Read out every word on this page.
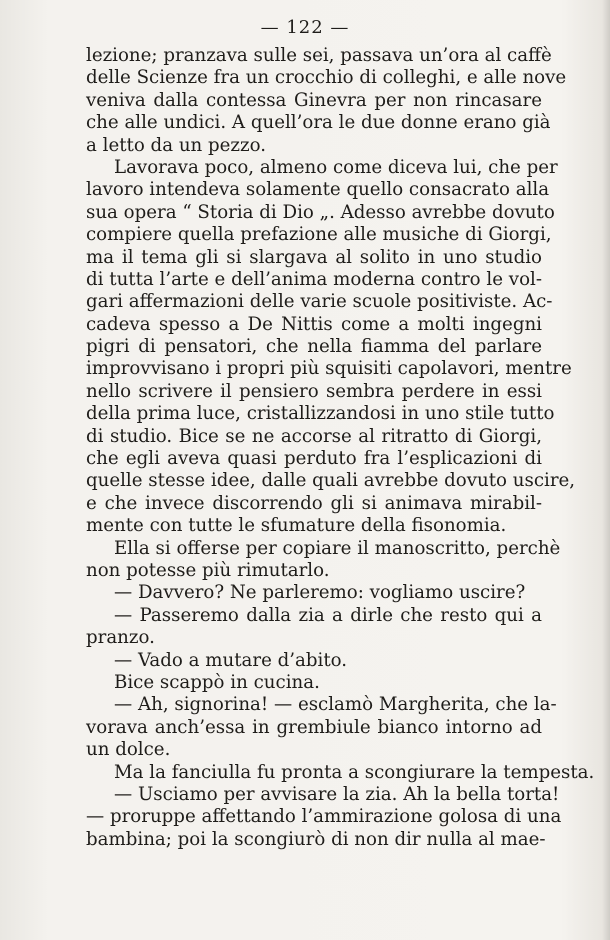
— 122 —
lezione; pranzava sulle sei, passava un’ora al caffè
delle Scienze fra un crocchio di colleghi, e alle nove
veniva dalla contessa Ginevra per non rincasare
che alle undici. A quell’ora le due donne erano già
a letto da un pezzo.
Lavorava poco, almeno come diceva lui, che per
lavoro intendeva solamente quello consacrato alla
sua opera “ Storia di Dio „. Adesso avrebbe dovuto
compiere quella prefazione alle musiche di Giorgi,
ma il tema gli si slargava al solito in uno studio
di tutta l’arte e dell’anima moderna contro le vol-
gari affermazioni delle varie scuole positiviste. Ac-
cadeva spesso a De Nittis come a molti ingegni
pigri di pensatori, che nella fiamma del parlare
improvvisano i propri più squisiti capolavori, mentre
nello scrivere il pensiero sembra perdere in essi
della prima luce, cristallizzandosi in uno stile tutto
di studio. Bice se ne accorse al ritratto di Giorgi,
che egli aveva quasi perduto fra l’esplicazioni di
quelle stesse idee, dalle quali avrebbe dovuto uscire,
e che invece discorrendo gli si animava mirabil-
mente con tutte le sfumature della fisonomia.
Ella si offerse per copiare il manoscritto, perchè
non potesse più rimutarlo.
— Davvero? Ne parleremo: vogliamo uscire?
— Passeremo dalla zia a dirle che resto qui a
pranzo.
— Vado a mutare d’abito.
Bice scappò in cucina.
— Ah, signorina! — esclamò Margherita, che la-
vorava anch’essa in grembiule bianco intorno ad
un dolce.
Ma la fanciulla fu pronta a scongiurare la tempesta.
— Usciamo per avvisare la zia. Ah la bella torta!
— proruppe affettando l’ammirazione golosa di una
bambina; poi la scongiurò di non dir nulla al mae-
